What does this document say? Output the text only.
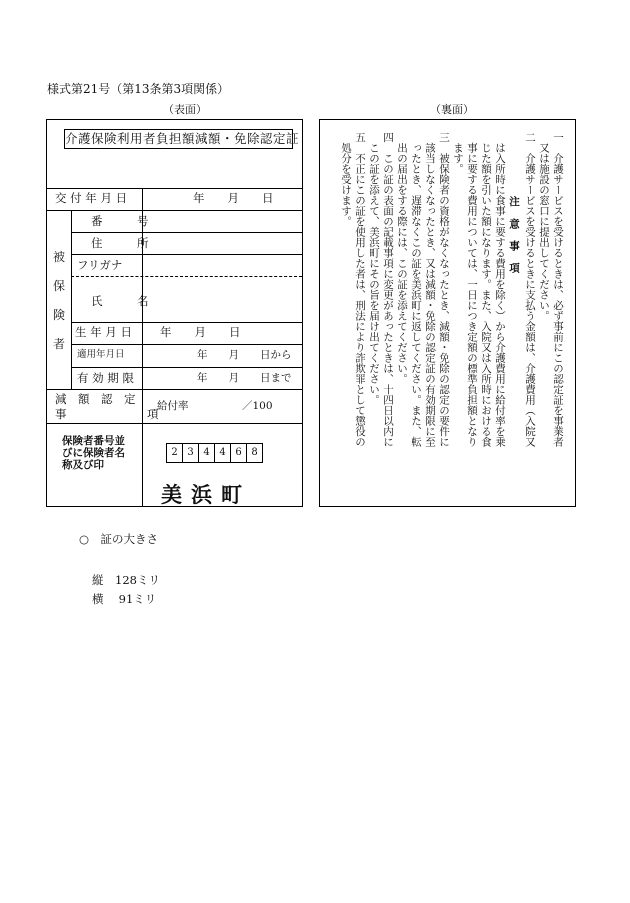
様式第21号（第13条第3項関係）
（表面）	（裏面）
介護保険利用者負担額減額・免除認定証
交 付 年 月 日	年　　月　　日
被
保
険
者
番　　　号
住　　　所
フリガナ
氏　　　名
生 年 月 日 年　　月　　日
適用年月日	年　　月　　日から
有 効 期 限	年　　月　　日まで
減　額　認　定
事　　　　　　　項
給付率	／100
保険者番号並びに保険者名称及び印
2 3 4 4 6 8
美浜町
一　介護サービスを受けるときは、必ず事前にこの認定証を事業者
　又は施設の窓口に提出してください。
注 意 事 項 二　介護サービスを受けるときに支払う金額は、介護費用（入院又
　は入所時に食事に要する費用を除く）から介護費用に給付率を乗
　じた額を引いた額になります。また、入院又は入所時における食
　事に要する費用については、一日につき定額の標準負担額となり
　ます。
三　被保険者の資格がなくなったとき、減額・免除の認定の要件に
　該当しなくなったとき、又は減額・免除の認定証の有効期限に至
　ったとき、遅滞なくこの証を美浜町に返してください。また、転
　出の届出をする際には、この証を添えてください。
四　この証の表面の記載事項に変更があったときは、十四日以内に
　この証を添えて、美浜町にその旨を届け出てください。
五　不正にこの証を使用した者は、刑法により詐欺罪として懲役の
　処分を受けます。
○　証の大きさ
縦　128ミリ
横　 91ミリ
